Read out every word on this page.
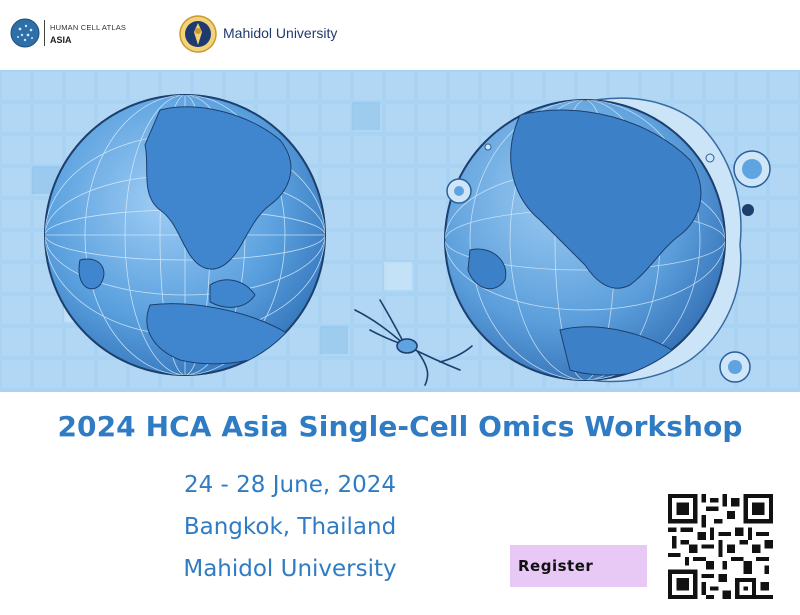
HUMAN CELL ATLAS
ASIA	Mahidol University
2024 HCA Asia Single-Cell Omics Workshop
24 - 28 June, 2024
Bangkok, Thailand
Mahidol University	Register
